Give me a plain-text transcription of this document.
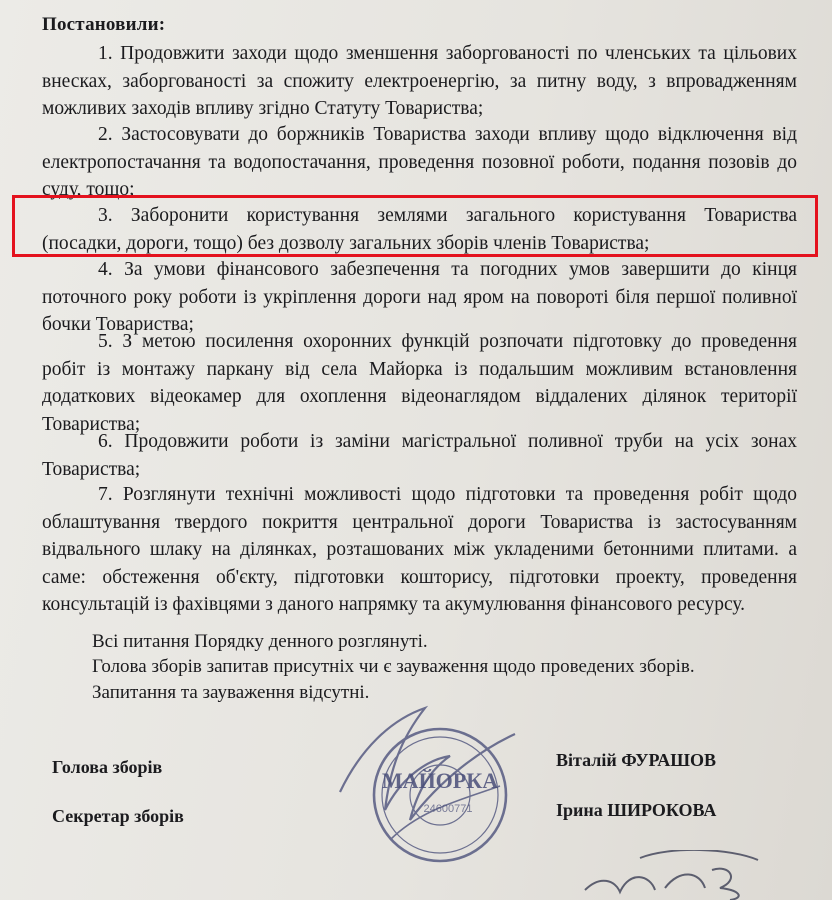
Постановили:
1. Продовжити заходи щодо зменшення заборгованості по членських та цільових внесках, заборгованості за спожиту електроенергію, за питну воду, з впровадженням можливих заходів впливу згідно Статуту Товариства;
2. Застосовувати до боржників Товариства заходи впливу щодо відключення від електропостачання та водопостачання, проведення позовної роботи, подання позовів до суду, тощо;
3. Заборонити користування землями загального користування Товариства (посадки, дороги, тощо) без дозволу загальних зборів членів Товариства;
4. За умови фінансового забезпечення та погодних умов завершити до кінця поточного року роботи із укріплення дороги над яром на повороті біля першої поливної бочки Товариства;
5. З метою посилення охоронних функцій розпочати підготовку до проведення робіт із монтажу паркану від села Майорка із подальшим можливим встановлення додаткових відеокамер для охоплення відеонаглядом віддалених ділянок території Товариства;
6. Продовжити роботи із заміни магістральної поливної труби на усіх зонах Товариства;
7. Розглянути технічні можливості щодо підготовки та проведення робіт щодо облаштування твердого покриття центральної дороги Товариства із застосуванням відвального шлаку на ділянках, розташованих між укладеними бетонними плитами. а саме: обстеження об'єкту, підготовки кошторису, підготовки проекту, проведення консультацій із фахівцями з даного напрямку та акумулювання фінансового ресурсу.
Всі питання Порядку денного розглянуті.
Голова зборів запитав присутніх чи є зауваження щодо проведених зборів.
Запитання та зауваження відсутні.
Голова зборів	Віталій ФУРАШОВ
Секретар зборів	Ірина ШИРОКОВА
МАЙОРКА
24600771
